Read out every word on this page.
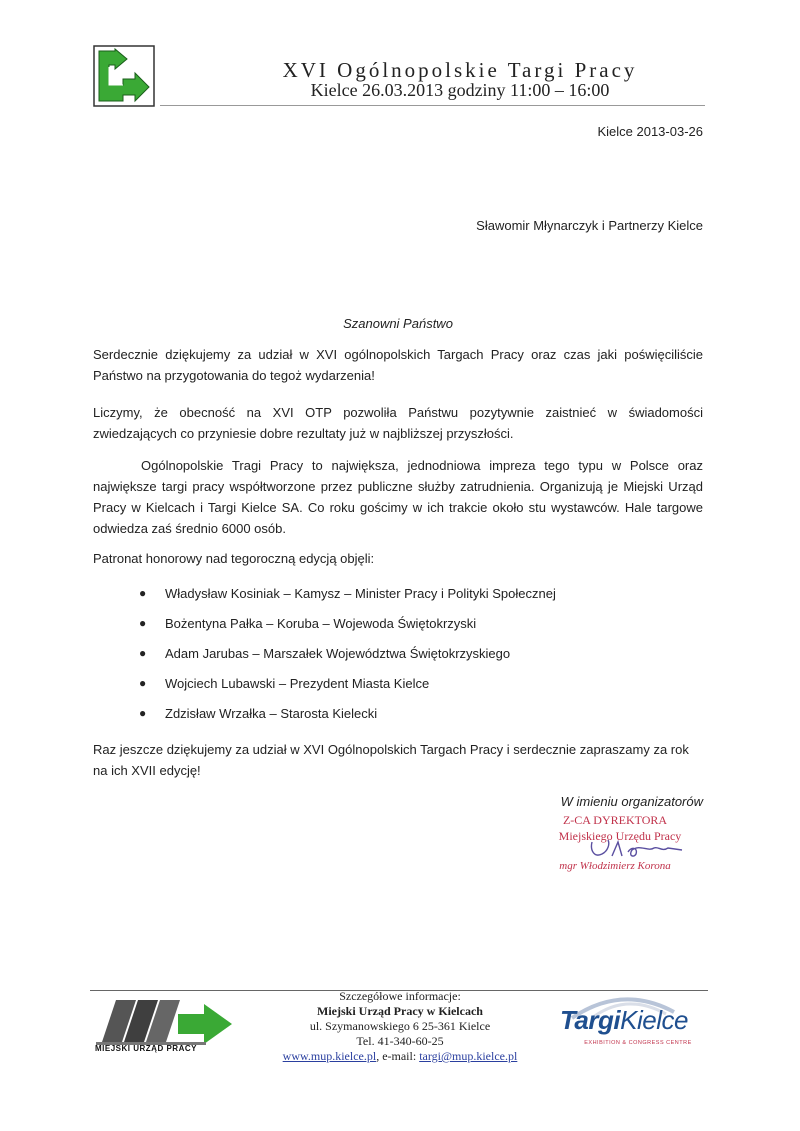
XVI Ogólnopolskie Targi Pracy
Kielce 26.03.2013 godziny 11:00 – 16:00
Kielce 2013-03-26
Sławomir Młynarczyk i Partnerzy Kielce
Szanowni Państwo
Serdecznie dziękujemy za udział w XVI ogólnopolskich Targach Pracy oraz czas jaki poświęciliście Państwo na przygotowania do tegoż wydarzenia!
Liczymy, że obecność na XVI OTP pozwoliła Państwu pozytywnie zaistnieć w świadomości zwiedzających co przyniesie dobre rezultaty już w najbliższej przyszłości.
Ogólnopolskie Tragi Pracy to największa, jednodniowa impreza tego typu w Polsce oraz największe targi pracy współtworzone przez publiczne służby zatrudnienia. Organizują je Miejski Urząd Pracy w Kielcach i Targi Kielce SA. Co roku gościmy w ich trakcie około stu wystawców. Hale targowe odwiedza zaś średnio 6000 osób.
Patronat honorowy nad tegoroczną edycją objęli:
● Władysław Kosiniak – Kamysz – Minister Pracy i Polityki Społecznej
● Bożentyna Pałka – Koruba – Wojewoda Świętokrzyski
● Adam Jarubas – Marszałek Województwa Świętokrzyskiego
● Wojciech Lubawski – Prezydent Miasta Kielce
● Zdzisław Wrzałka – Starosta Kielecki
Raz jeszcze dziękujemy za udział w XVI Ogólnopolskich Targach Pracy i serdecznie zapraszamy za rok na ich XVII edycję!
W imieniu organizatorów
Z-CA DYREKTORA
Miejskiego Urzędu Pracy
mgr Włodzimierz Korona
MIEJSKI URZĄD PRACY
Szczegółowe informacje:
Miejski Urząd Pracy w Kielcach
ul. Szymanowskiego 6 25-361 Kielce
Tel. 41-340-60-25
www.mup.kielce.pl, e-mail: targi@mup.kielce.pl
TargiKielce
EXHIBITION & CONGRESS CENTRE
